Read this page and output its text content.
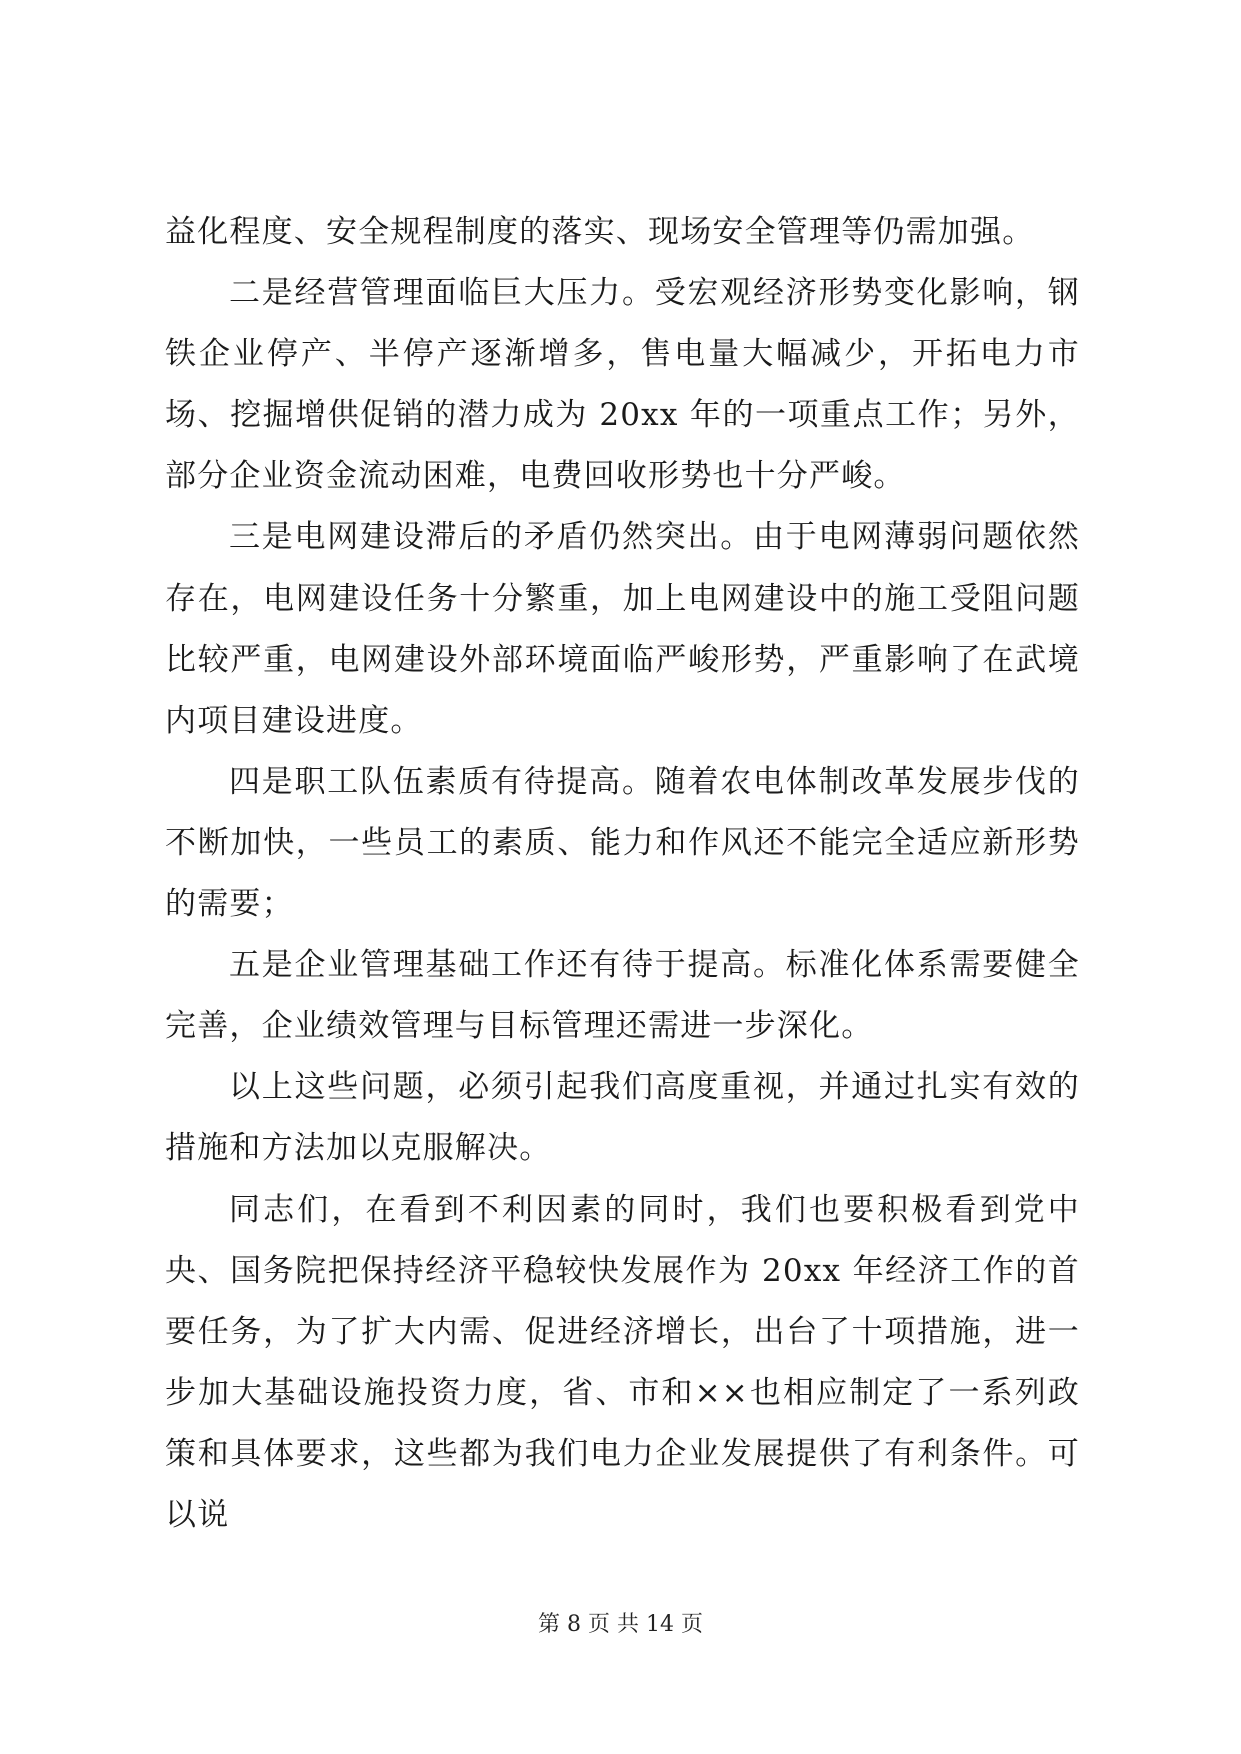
益化程度、安全规程制度的落实、现场安全管理等仍需加强。

二是经营管理面临巨大压力。受宏观经济形势变化影响，钢铁企业停产、半停产逐渐增多，售电量大幅减少，开拓电力市场、挖掘增供促销的潜力成为 20xx 年的一项重点工作；另外，部分企业资金流动困难，电费回收形势也十分严峻。

三是电网建设滞后的矛盾仍然突出。由于电网薄弱问题依然存在，电网建设任务十分繁重，加上电网建设中的施工受阻问题比较严重，电网建设外部环境面临严峻形势，严重影响了在武境内项目建设进度。

四是职工队伍素质有待提高。随着农电体制改革发展步伐的不断加快，一些员工的素质、能力和作风还不能完全适应新形势的需要；

五是企业管理基础工作还有待于提高。标准化体系需要健全完善，企业绩效管理与目标管理还需进一步深化。

以上这些问题，必须引起我们高度重视，并通过扎实有效的措施和方法加以克服解决。

同志们，在看到不利因素的同时，我们也要积极看到党中央、国务院把保持经济平稳较快发展作为 20xx 年经济工作的首要任务，为了扩大内需、促进经济增长，出台了十项措施，进一步加大基础设施投资力度，省、市和××也相应制定了一系列政策和具体要求，这些都为我们电力企业发展提供了有利条件。可以说

第 8 页 共 14 页
